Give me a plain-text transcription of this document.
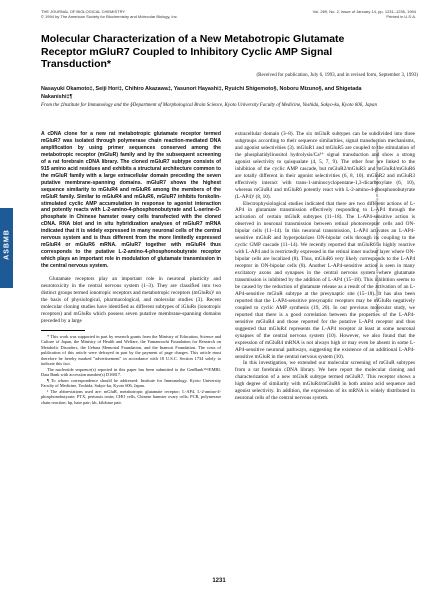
THE JOURNAL OF BIOLOGICAL CHEMISTRY
© 1994 by The American Society for Biochemistry and Molecular Biology, Inc.
Vol. 269, No. 2, Issue of January 14, pp. 1231–1236, 1994
Printed in U.S.A.
ASBMB	Downloaded from www.jbc.org at Kyoto University Institute for Virus Research on February 28, 2008
Molecular Characterization of a New Metabotropic Glutamate Receptor mGluR7 Coupled to Inhibitory Cyclic AMP Signal Transduction*
(Received for publication, July 6, 1993, and in revised form, September 3, 1993)
Nasayuki Okamoto‡, Seiji Hori‡, Chihiro Akazawa‡, Yasunori Hayashi‡, Ryuichi Shigemoto§, Noboru Mizuno§, and Shigetada Nakanishi‡¶
From the ‡Institute for Immunology and the §Department of Morphological Brain Science, Kyoto University Faculty of Medicine, Yoshida, Sakyo-ku, Kyoto 606, Japan

A cDNA clone for a new rat metabotropic glutamate receptor termed mGluR7 was isolated through polymerase chain reaction-mediated DNA amplification by using primer sequences conserved among the metabotropic receptor (mGluR) family and by the subsequent screening of a rat forebrain cDNA library. The cloned mGluR7 subtype consists of 915 amino acid residues and exhibits a structural architecture common to the mGluR family with a large extracellular domain preceding the seven putative membrane-spanning domains. mGluR7 shows the highest sequence similarity to mGluR4 and mGluR6 among the members of the mGluR family. Similar to mGluR4 and mGluR6, mGluR7 inhibits forskolin-stimulated cyclic AMP accumulation in response to agonist interaction and potently reacts with L-2-amino-4-phosphonobutyrate and L-serine-O-phosphate in Chinese hamster ovary cells transfected with the cloned cDNA. RNA blot and in situ hybridization analyses of mGluR7 mRNA indicated that it is widely expressed in many neuronal cells of the central nervous system and is thus different from the more limitedly expressed mGluR4 or mGluR6 mRNA. mGluR7 together with mGluR4 thus corresponds to the putative L-2-amino-4-phosphonobutyrate receptor which plays an important role in modulation of glutamate transmission in the central nervous system.

Glutamate receptors play an important role in neuronal plasticity and neurotoxicity in the central nervous system (1–3). They are classified into two distinct groups termed ionotropic receptors and metabotropic receptors (mGluRs)¹ on the basis of physiological, pharmacological, and molecular studies (3). Recent molecular cloning studies have identified as different subtypes of iGluRs (ionotropic receptors) and mGluRs which possess seven putative membrane-spanning domains preceded by a large

* This work was supported in part by research grants from the Ministry of Education, Science and Culture of Japan, the Ministry of Health and Welfare, the Yamanouchi Foundation for Research on Metabolic Disorders, the Uehara Memorial Foundation, and the Inamori Foundation. The costs of publication of this article were defrayed in part by the payment of page charges. This article must therefore be hereby marked "advertisement" in accordance with 18 U.S.C. Section 1734 solely to indicate this fact.

The nucleotide sequence(s) reported in this paper has been submitted to the GenBank™/EMBL Data Bank with accession number(s) D16817.

¶ To whom correspondence should be addressed: Institute for Immunology, Kyoto University Faculty of Medicine, Yoshida, Sakyo-ku, Kyoto 606, Japan.

¹ The abbreviations used are: mGluR, metabotropic glutamate receptor; L-AP4, L-2-amino-4-phosphonobutyrate; PTX, pertussis toxin; CHO cells, Chinese hamster ovary cells; PCR, polymerase chain reaction; bp, base pair; kb, kilobase pair.

extracellular domain (3–8). The six mGluR subtypes can be subdivided into three subgroups according to their sequence similarities, signal transduction mechanisms, and agonist selectivities (3). mGluR1 and mGluR5 are coupled to the stimulation of the phosphatidylinositol hydrolysis/Ca²⁺ signal transduction and show a strong agonist selectivity to quisqualate (4, 5, 7, 9). The other four are linked to the inhibition of the cyclic AMP cascade, but mGluR2/mGluR3 and mGluR4/mGluR6 are totally different in their agonist selectivities (6, 8, 10). mGluR2 and mGluR3 effectively interact with trans-1-aminocyclopentane-1,3-dicarboxylate (6, 10), whereas mGluR4 and mGluR6 potently react with L-2-amino-4-phosphonobutyrate (L-AP4)¹ (8, 10).

Electrophysiological studies indicated that there are two different actions of L-AP4 in glutamate transmission effectively responding to L-AP4 through the activation of certain mGluR subtypes (11–18). The L-AP4-sensitive action is observed in neuronal transmission between retinal photoreceptor cells and ON-bipolar cells (11–14). In this neuronal transmission, L-AP4 activates an L-AP4-sensitive mGluR and hyperpolarizes ON-bipolar cells through its coupling to the cyclic GMP cascade (11–14). We recently reported that mGluR6 is highly reactive with L-AP4 and is restrictedly expressed in the retinal inner nuclear layer where ON-bipolar cells are localized (8). Thus, mGluR6 very likely corresponds to the L-AP4 receptor in ON-bipolar cells (8). Another L-AP4-sensitive action is seen in many excitatory axons and synapses in the central nervous system where glutamate transmission is inhibited by the addition of L-AP4 (15–18). This inhibition seems to be caused by the reduction of glutamate release as a result of the activation of an L-AP4-sensitive mGluR subtype at the presynaptic site (15–18). It has also been reported that the L-AP4-sensitive presynaptic receptors may be mGluRs negatively coupled to cyclic AMP synthesis (19, 20). In our previous molecular study, we reported that there is a good correlation between the properties of the L-AP4-sensitive mGluR4 and those reported for the putative L-AP4 receptor and thus suggested that mGluR4 represents the L-AP4 receptor at least at some neuronal synapses of the central nervous system (10). However, we also found that the expression of mGluR4 mRNA is not always high or may even be absent in some L-AP4-sensitive neuronal pathways, suggesting the existence of an additional L-AP4-sensitive mGluR in the central nervous system (10).

In this investigation, we extended our molecular screening of mGluR subtypes from a rat forebrain cDNA library. We here report the molecular cloning and characterization of a new mGluR subtype termed mGluR7. This receptor shows a high degree of similarity with mGluR4/mGluR6 in both amino acid sequence and agonist selectivity. In addition, the expression of its mRNA is widely distributed in neuronal cells of the central nervous system.

1231
